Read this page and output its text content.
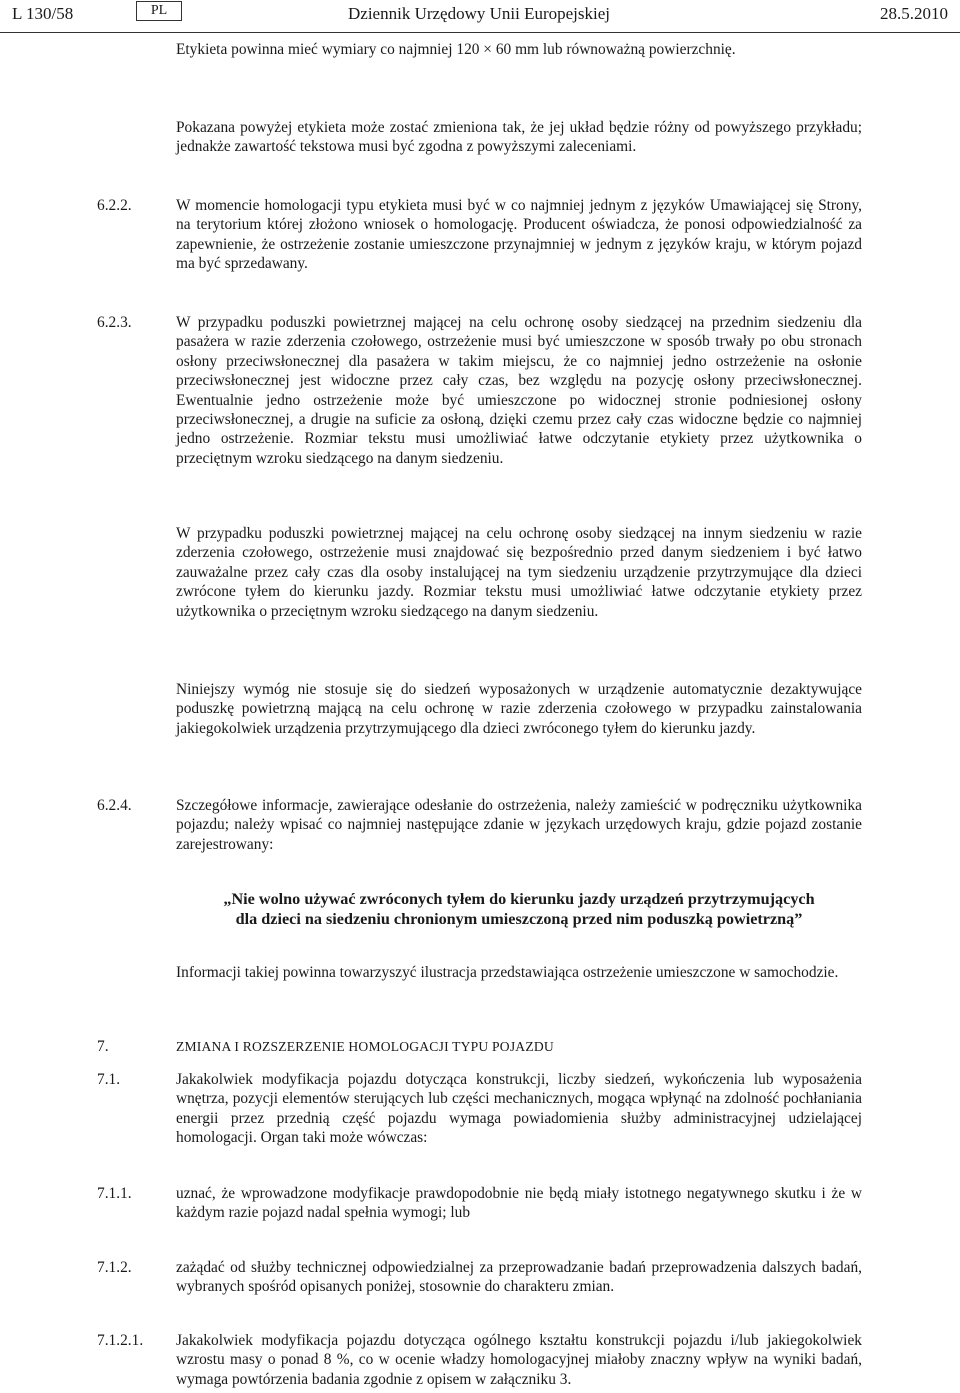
L 130/58	PL	Dziennik Urzędowy Unii Europejskiej	28.5.2010
Etykieta powinna mieć wymiary co najmniej 120 × 60 mm lub równoważną powierzchnię.
Pokazana powyżej etykieta może zostać zmieniona tak, że jej układ będzie różny od powyższego przykładu; jednakże zawartość tekstowa musi być zgodna z powyższymi zaleceniami.
6.2.2.	W momencie homologacji typu etykieta musi być w co najmniej jednym z języków Umawiającej się Strony, na terytorium której złożono wniosek o homologację. Producent oświadcza, że ponosi odpowiedzialność za zapewnienie, że ostrzeżenie zostanie umieszczone przynajmniej w jednym z języków kraju, w którym pojazd ma być sprzedawany.
6.2.3.	W przypadku poduszki powietrznej mającej na celu ochronę osoby siedzącej na przednim siedzeniu dla pasażera w razie zderzenia czołowego, ostrzeżenie musi być umieszczone w sposób trwały po obu stronach osłony przeciwsłonecznej dla pasażera w takim miejscu, że co najmniej jedno ostrzeżenie na osłonie przeciwsłonecznej jest widoczne przez cały czas, bez względu na pozycję osłony przeciwsłonecznej. Ewentualnie jedno ostrzeżenie może być umieszczone po widocznej stronie podniesionej osłony przeciwsłonecznej, a drugie na suficie za osłoną, dzięki czemu przez cały czas widoczne będzie co najmniej jedno ostrzeżenie. Rozmiar tekstu musi umożliwiać łatwe odczytanie etykiety przez użytkownika o przeciętnym wzroku siedzącego na danym siedzeniu.
W przypadku poduszki powietrznej mającej na celu ochronę osoby siedzącej na innym siedzeniu w razie zderzenia czołowego, ostrzeżenie musi znajdować się bezpośrednio przed danym siedzeniem i być łatwo zauważalne przez cały czas dla osoby instalującej na tym siedzeniu urządzenie przytrzymujące dla dzieci zwrócone tyłem do kierunku jazdy. Rozmiar tekstu musi umożliwiać łatwe odczytanie etykiety przez użytkownika o przeciętnym wzroku siedzącego na danym siedzeniu.
Niniejszy wymóg nie stosuje się do siedzeń wyposażonych w urządzenie automatycznie dezaktywujące poduszkę powietrzną mającą na celu ochronę w razie zderzenia czołowego w przypadku zainstalowania jakiegokolwiek urządzenia przytrzymującego dla dzieci zwróconego tyłem do kierunku jazdy.
6.2.4.	Szczegółowe informacje, zawierające odesłanie do ostrzeżenia, należy zamieścić w podręczniku użytkownika pojazdu; należy wpisać co najmniej następujące zdanie w językach urzędowych kraju, gdzie pojazd zostanie zarejestrowany:
„Nie wolno używać zwróconych tyłem do kierunku jazdy urządzeń przytrzymujących
dla dzieci na siedzeniu chronionym umieszczoną przed nim poduszką powietrzną”
Informacji takiej powinna towarzyszyć ilustracja przedstawiająca ostrzeżenie umieszczone w samochodzie.
7.	ZMIANA I ROZSZERZENIE HOMOLOGACJI TYPU POJAZDU
7.1.	Jakakolwiek modyfikacja pojazdu dotycząca konstrukcji, liczby siedzeń, wykończenia lub wyposażenia wnętrza, pozycji elementów sterujących lub części mechanicznych, mogąca wpłynąć na zdolność pochłaniania energii przez przednią część pojazdu wymaga powiadomienia służby administracyjnej udzielającej homologacji. Organ taki może wówczas:
7.1.1.	uznać, że wprowadzone modyfikacje prawdopodobnie nie będą miały istotnego negatywnego skutku i że w każdym razie pojazd nadal spełnia wymogi; lub
7.1.2.	zażądać od służby technicznej odpowiedzialnej za przeprowadzanie badań przeprowadzenia dalszych badań, wybranych spośród opisanych poniżej, stosownie do charakteru zmian.
7.1.2.1. Jakakolwiek modyfikacja pojazdu dotycząca ogólnego kształtu konstrukcji pojazdu i/lub jakiegokolwiek wzrostu masy o ponad 8 %, co w ocenie władzy homologacyjnej miałoby znaczny wpływ na wyniki badań, wymaga powtórzenia badania zgodnie z opisem w załączniku 3.
